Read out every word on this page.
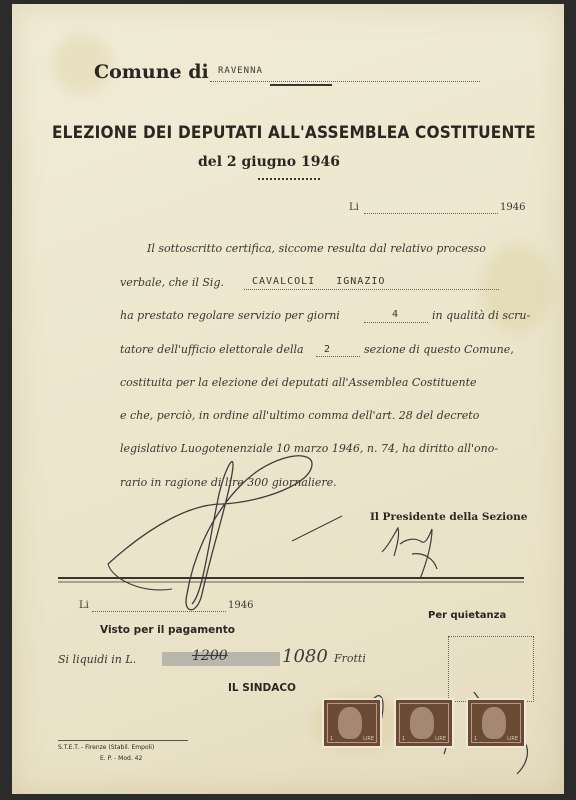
Comune di RAVENNA
ELEZIONE DEI DEPUTATI ALL'ASSEMBLEA COSTITUENTE
del 2 giugno 1946
Li	1946
Il sottoscritto certifica, siccome resulta dal relativo processo
verbale, che il Sig.	CAVALCOLI   IGNAZIO
ha prestato regolare servizio per giorni	4	in qualità di scru-
tatore dell'ufficio elettorale della 2	sezione di questo Comune,
costituita per la elezione dei deputati all'Assemblea Costituente
e che, perciò, in ordine all'ultimo comma dell'art. 28 del decreto
legislativo Luogotenenziale 10 marzo 1946, n. 74, ha diritto all'ono-
rario in ragione di lire 300 giornaliere.
Il Presidente della Sezione
Li	1946
Per quietanza
Visto per il pagamento
Si liquidi in L.	1200	1080 Frotti
IL SINDACO
LIRE
1	LIRE
1	LIRE
1
S.T.E.T. - Firenze (Stabil. Empoli)
E. P. - Mod. 42
